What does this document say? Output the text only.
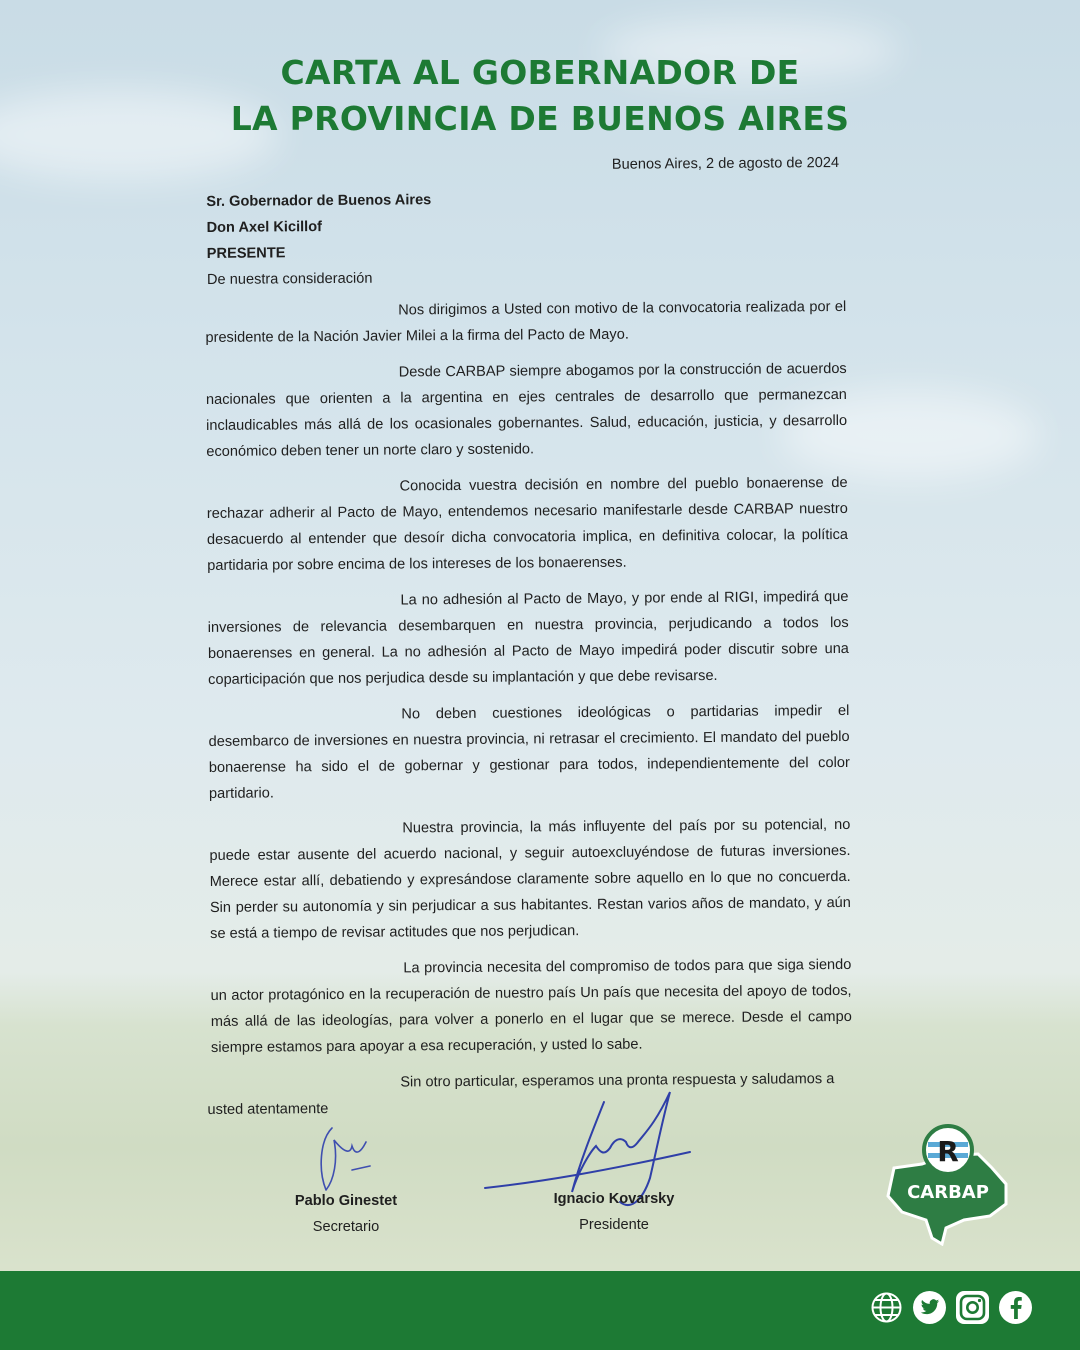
CARTA AL GOBERNADOR DE
LA PROVINCIA DE BUENOS AIRES
Buenos Aires, 2 de agosto de 2024
Sr. Gobernador de Buenos Aires
Don Axel Kicillof
PRESENTE
De nuestra consideración

Nos dirigimos a Usted con motivo de la convocatoria realizada por el presidente de la Nación Javier Milei a la firma del Pacto de Mayo.

Desde CARBAP siempre abogamos por la construcción de acuerdos nacionales que orienten a la argentina en ejes centrales de desarrollo que permanezcan inclaudicables más allá de los ocasionales gobernantes. Salud, educación, justicia, y desarrollo económico deben tener un norte claro y sostenido.

Conocida vuestra decisión en nombre del pueblo bonaerense de rechazar adherir al Pacto de Mayo, entendemos necesario manifestarle desde CARBAP nuestro desacuerdo al entender que desoír dicha convocatoria implica, en definitiva colocar, la política partidaria por sobre encima de los intereses de los bonaerenses.

La no adhesión al Pacto de Mayo, y por ende al RIGI, impedirá que inversiones de relevancia desembarquen en nuestra provincia, perjudicando a todos los bonaerenses en general. La no adhesión al Pacto de Mayo impedirá poder discutir sobre una coparticipación que nos perjudica desde su implantación y que debe revisarse.

No deben cuestiones ideológicas o partidarias impedir el desembarco de inversiones en nuestra provincia, ni retrasar el crecimiento. El mandato del pueblo bonaerense ha sido el de gobernar y gestionar para todos, independientemente del color partidario.

Nuestra provincia, la más influyente del país por su potencial, no puede estar ausente del acuerdo nacional, y seguir autoexcluyéndose de futuras inversiones. Merece estar allí, debatiendo y expresándose claramente sobre aquello en lo que no concuerda. Sin perder su autonomía y sin perjudicar a sus habitantes. Restan varios años de mandato, y aún se está a tiempo de revisar actitudes que nos perjudican.

La provincia necesita del compromiso de todos para que siga siendo un actor protagónico en la recuperación de nuestro país Un país que necesita del apoyo de todos, más allá de las ideologías, para volver a ponerlo en el lugar que se merece. Desde el campo siempre estamos para apoyar a esa recuperación, y usted lo sabe.

Sin otro particular, esperamos una pronta respuesta y saludamos a
usted atentamente
Pablo Ginestet
Secretario
Ignacio Kovarsky
Presidente
R
CARBAP
